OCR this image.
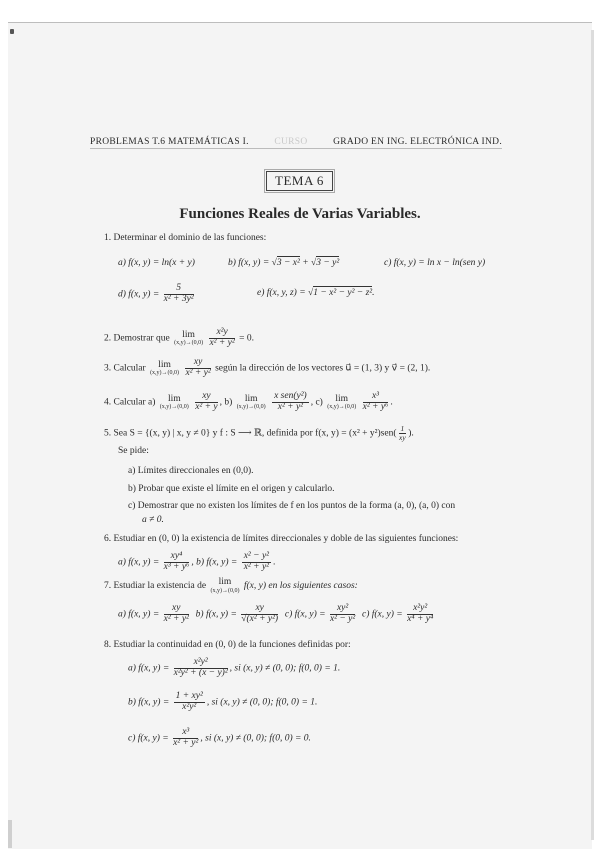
PROBLEMAS T.6 MATEMÁTICAS I.	CURSO	GRADO EN ING. ELECTRÓNICA IND.
TEMA 6
Funciones Reales de Varias Variables.
1. Determinar el dominio de las funciones:
a) f(x, y) = ln(x + y)	b) f(x, y) = √3 − x² + √3 − y²	c) f(x, y) = ln x − ln(sen y)
d) f(x, $y) = \frac{5}{\text{x² + 3y²}}$	e) f(x, y, z) = √1 − x² − y² − z².
2. Demostrar que	lim
(x,y)→(0,0)
$\frac{\text{x²y}}{\text{x² + y²}} = 0$.
3. Calcular	lim
(x,y)→(0,0)
$\frac{xy}{\text{x² + y²}}$ según la dirección de los vectores u⃗ = (1, 3) y v⃗ = (2, 1).
4. Calcular a)	lim
(x,y)→(0,0)
$\frac{xy}{\text{x² + y}}$ , b)	lim
(x,y)→(0,0)
$\frac{\text{x sen(y²)}}{\text{x² + y²}}$ , c)	lim
(x,y)→(0,0)
$\frac{\text{x³}}{\text{x² + y⁶}}$ .
5. Sea S = {(x, y) | x, y ≠ 0} y f : S ⟶ ℝ, definida por f(x, $y) = (x^2 + y^2)sen( \frac{1}{xy}$ ).
Se pide:
a) Límites direccionales en (0,0).
b) Probar que existe el límite en el origen y calcularlo.
c) Demostrar que no existen los límites de f en los puntos de la forma (a, 0), (a, 0) con
a ≠ 0.
6. Estudiar en (0, 0) la existencia de límites direccionales y doble de las siguientes funciones:
a) f(x, $y) = \frac{\text{xy⁴}}{\text{x³ + y⁶}}$ , b) f(x, $y) = \frac{\text{x² − y²}}{\text{x² + y²}}$ .
7. Estudiar la existencia de	lim
(x,y)→(0,0) f(x, y) en los siguientes casos:
a) f(x, $y) = \frac{xy}{\text{x² + y²}} b$) f(x, $y) = \frac{xy}{\text{√(x² + y²)}} c$) f(x, $y) = \frac{\text{xy²}}{\text{x² − y²}} c$) f(x, $y) = \frac{\text{x²y²}}{\text{x⁴ + y⁴}}$
8. Estudiar la continuidad en (0, 0) de la funciones definidas por:
a) f(x, $y) = \frac{\text{x²y²}}{\text{x²y² + (x − y)²}}$ , si (x, y) ≠ (0, 0); f(0, 0) = 1.
b) f(x, $y) = \frac{\text{1 + xy²}}{\text{x²y²}}$ , si (x, y) ≠ (0, 0); f(0, 0) = 1.
c) f(x, $y) = \frac{\text{x³}}{\text{x² + y²}}$ , si (x, y) ≠ (0, 0); f(0, 0) = 0.
